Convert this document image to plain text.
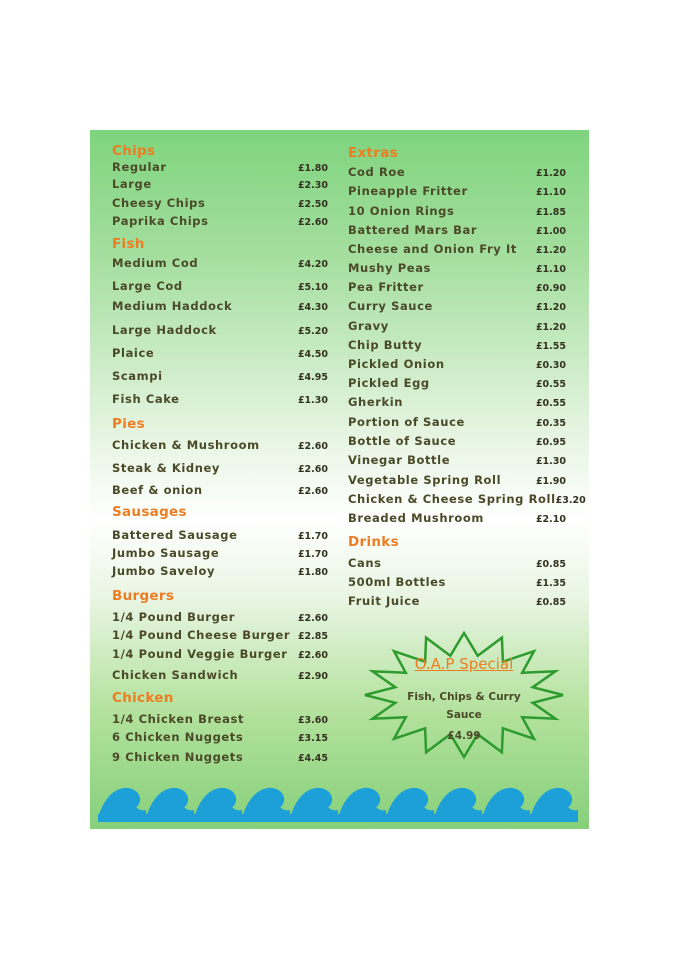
Chips
Regular	£1.80
Large	£2.30
Cheesy Chips	£2.50
Paprika Chips	£2.60
Fish
Medium Cod	£4.20
Large Cod	£5.10
Medium Haddock	£4.30
Large Haddock	£5.20
Plaice	£4.50
Scampi	£4.95
Fish Cake	£1.30
Pies
Chicken & Mushroom	£2.60
Steak & Kidney	£2.60
Beef & onion	£2.60
Sausages
Battered Sausage	£1.70
Jumbo Sausage	£1.70
Jumbo Saveloy	£1.80
Burgers
1/4 Pound Burger	£2.60
1/4 Pound Cheese Burger £2.85
1/4 Pound Veggie Burger £2.60
Chicken Sandwich	£2.90
Chicken
1/4 Chicken Breast	£3.60
6 Chicken Nuggets	£3.15
9 Chicken Nuggets	£4.45
Extras
Cod Roe	£1.20
Pineapple Fritter	£1.10
10 Onion Rings	£1.85
Battered Mars Bar	£1.00
Cheese and Onion Fry It £1.20
Mushy Peas	£1.10
Pea Fritter	£0.90
Curry Sauce	£1.20
Gravy	£1.20
Chip Butty	£1.55
Pickled Onion	£0.30
Pickled Egg	£0.55
Gherkin	£0.55
Portion of Sauce	£0.35
Bottle of Sauce	£0.95
Vinegar Bottle	£1.30
Vegetable Spring Roll	£1.90
Chicken & Cheese Spring Roll £3.20
Breaded Mushroom	£2.10
Drinks
Cans	£0.85
500ml Bottles	£1.35
Fruit Juice	£0.85
O.A.P Special
Fish, Chips & Curry Sauce
£4.99
